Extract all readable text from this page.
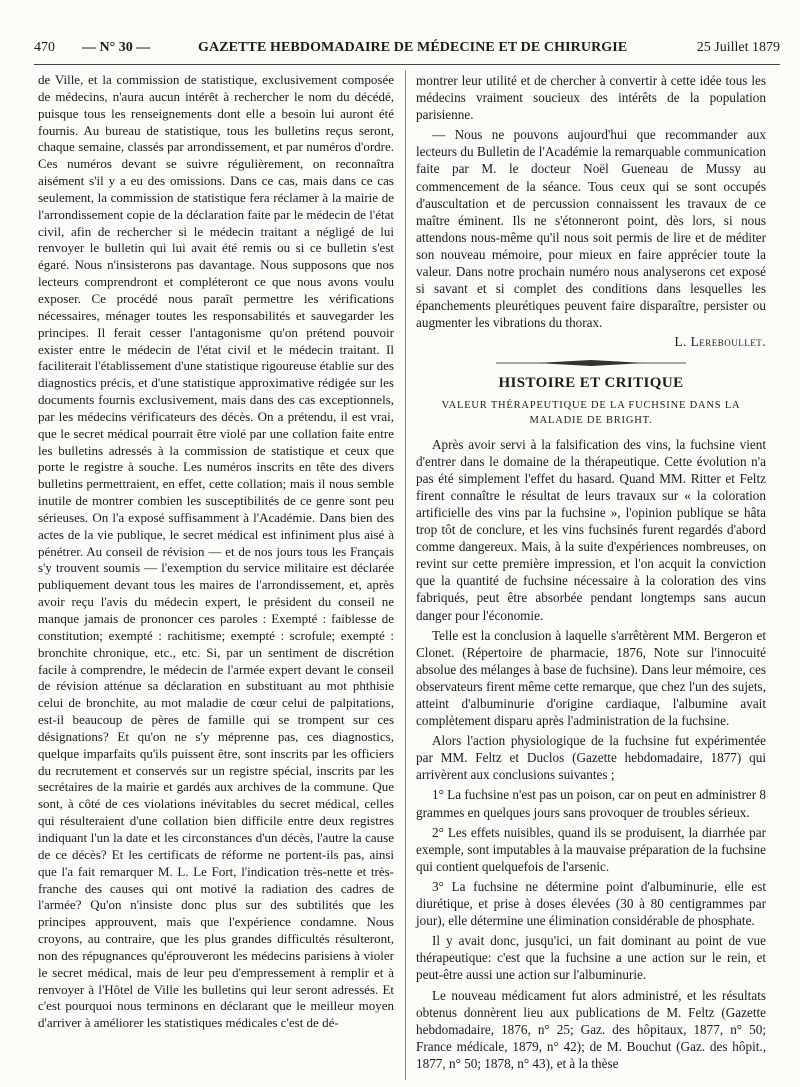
470 — N° 30 —	GAZETTE HEBDOMADAIRE DE MÉDECINE ET DE CHIRURGIE	25 Juillet 1879

de Ville, et la commission de statistique, exclusivement composée de médecins, n'aura aucun intérêt à rechercher le nom du décédé, puisque tous les renseignements dont elle a besoin lui auront été fournis. Au bureau de statistique, tous les bulletins reçus seront, chaque semaine, classés par arrondissement, et par numéros d'ordre. Ces numéros devant se suivre régulièrement, on reconnaîtra aisément s'il y a eu des omissions. Dans ce cas, mais dans ce cas seulement, la commission de statistique fera réclamer à la mairie de l'arrondissement copie de la déclaration faite par le médecin de l'état civil, afin de rechercher si le médecin traitant a négligé de lui renvoyer le bulletin qui lui avait été remis ou si ce bulletin s'est égaré. Nous n'insisterons pas davantage. Nous supposons que nos lecteurs comprendront et compléteront ce que nous avons voulu exposer. Ce procédé nous paraît permettre les vérifications nécessaires, ménager toutes les responsabilités et sauvegarder les principes. Il ferait cesser l'antagonisme qu'on prétend pouvoir exister entre le médecin de l'état civil et le médecin traitant. Il faciliterait l'établissement d'une statistique rigoureuse établie sur des diagnostics précis, et d'une statistique approximative rédigée sur les documents fournis exclusivement, mais dans des cas exceptionnels, par les médecins vérificateurs des décès. On a prétendu, il est vrai, que le secret médical pourrait être violé par une collation faite entre les bulletins adressés à la commission de statistique et ceux que porte le registre à souche. Les numéros inscrits en tête des divers bulletins permettraient, en effet, cette collation; mais il nous semble inutile de montrer combien les susceptibilités de ce genre sont peu sérieuses. On l'a exposé suffisamment à l'Académie. Dans bien des actes de la vie publique, le secret médical est infiniment plus aisé à pénétrer. Au conseil de révision — et de nos jours tous les Français s'y trouvent soumis — l'exemption du service militaire est déclarée publiquement devant tous les maires de l'arrondissement, et, après avoir reçu l'avis du médecin expert, le président du conseil ne manque jamais de prononcer ces paroles : Exempté : faiblesse de constitution; exempté : rachitisme; exempté : scrofule; exempté : bronchite chronique, etc., etc. Si, par un sentiment de discrétion facile à comprendre, le médecin de l'armée expert devant le conseil de révision atténue sa déclaration en substituant au mot phthisie celui de bronchite, au mot maladie de cœur celui de palpitations, est-il beaucoup de pères de famille qui se trompent sur ces désignations? Et qu'on ne s'y méprenne pas, ces diagnostics, quelque imparfaits qu'ils puissent être, sont inscrits par les officiers du recrutement et conservés sur un registre spécial, inscrits par les secrétaires de la mairie et gardés aux archives de la commune. Que sont, à côté de ces violations inévitables du secret médical, celles qui résulteraient d'une collation bien difficile entre deux registres indiquant l'un la date et les circonstances d'un décès, l'autre la cause de ce décès? Et les certificats de réforme ne portent-ils pas, ainsi que l'a fait remarquer M. L. Le Fort, l'indication très-nette et très-franche des causes qui ont motivé la radiation des cadres de l'armée? Qu'on n'insiste donc plus sur des subtilités que les principes approuvent, mais que l'expérience condamne. Nous croyons, au contraire, que les plus grandes difficultés résulteront, non des répugnances qu'éprouveront les médecins parisiens à violer le secret médical, mais de leur peu d'empressement à remplir et à renvoyer à l'Hôtel de Ville les bulletins qui leur seront adressés. Et c'est pourquoi nous terminons en déclarant que le meilleur moyen d'arriver à améliorer les statistiques médicales c'est de dé-

montrer leur utilité et de chercher à convertir à cette idée tous les médecins vraiment soucieux des intérêts de la population parisienne.

— Nous ne pouvons aujourd'hui que recommander aux lecteurs du Bulletin de l'Académie la remarquable communication faite par M. le docteur Noël Gueneau de Mussy au commencement de la séance. Tous ceux qui se sont occupés d'auscultation et de percussion connaissent les travaux de ce maître éminent. Ils ne s'étonneront point, dès lors, si nous attendons nous-même qu'il nous soit permis de lire et de méditer son nouveau mémoire, pour mieux en faire apprécier toute la valeur. Dans notre prochain numéro nous analyserons cet exposé si savant et si complet des conditions dans lesquelles les épanchements pleurétiques peuvent faire disparaître, persister ou augmenter les vibrations du thorax.

L. Lereboullet.
HISTOIRE ET CRITIQUE
VALEUR THÉRAPEUTIQUE DE LA FUCHSINE DANS LA MALADIE DE BRIGHT.

Après avoir servi à la falsification des vins, la fuchsine vient d'entrer dans le domaine de la thérapeutique. Cette évolution n'a pas été simplement l'effet du hasard. Quand MM. Ritter et Feltz firent connaître le résultat de leurs travaux sur « la coloration artificielle des vins par la fuchsine », l'opinion publique se hâta trop tôt de conclure, et les vins fuchsinés furent regardés d'abord comme dangereux. Mais, à la suite d'expériences nombreuses, on revint sur cette première impression, et l'on acquit la conviction que la quantité de fuchsine nécessaire à la coloration des vins fabriqués, peut être absorbée pendant longtemps sans aucun danger pour l'économie.

Telle est la conclusion à laquelle s'arrêtèrent MM. Bergeron et Clonet. (Répertoire de pharmacie, 1876, Note sur l'innocuité absolue des mélanges à base de fuchsine). Dans leur mémoire, ces observateurs firent même cette remarque, que chez l'un des sujets, atteint d'albuminurie d'origine cardiaque, l'albumine avait complètement disparu après l'administration de la fuchsine.

Alors l'action physiologique de la fuchsine fut expérimentée par MM. Feltz et Duclos (Gazette hebdomadaire, 1877) qui arrivèrent aux conclusions suivantes ;

1° La fuchsine n'est pas un poison, car on peut en administrer 8 grammes en quelques jours sans provoquer de troubles sérieux.

2° Les effets nuisibles, quand ils se produisent, la diarrhée par exemple, sont imputables à la mauvaise préparation de la fuchsine qui contient quelquefois de l'arsenic.

3° La fuchsine ne détermine point d'albuminurie, elle est diurétique, et prise à doses élevées (30 à 80 centigrammes par jour), elle détermine une élimination considérable de phosphate.

Il y avait donc, jusqu'ici, un fait dominant au point de vue thérapeutique: c'est que la fuchsine a une action sur le rein, et peut-être aussi une action sur l'albuminurie.

Le nouveau médicament fut alors administré, et les résultats obtenus donnèrent lieu aux publications de M. Feltz (Gazette hebdomadaire, 1876, n° 25; Gaz. des hôpitaux, 1877, n° 50; France médicale, 1879, n° 42); de M. Bouchut (Gaz. des hôpit., 1877, n° 50; 1878, n° 43), et à la thèse
